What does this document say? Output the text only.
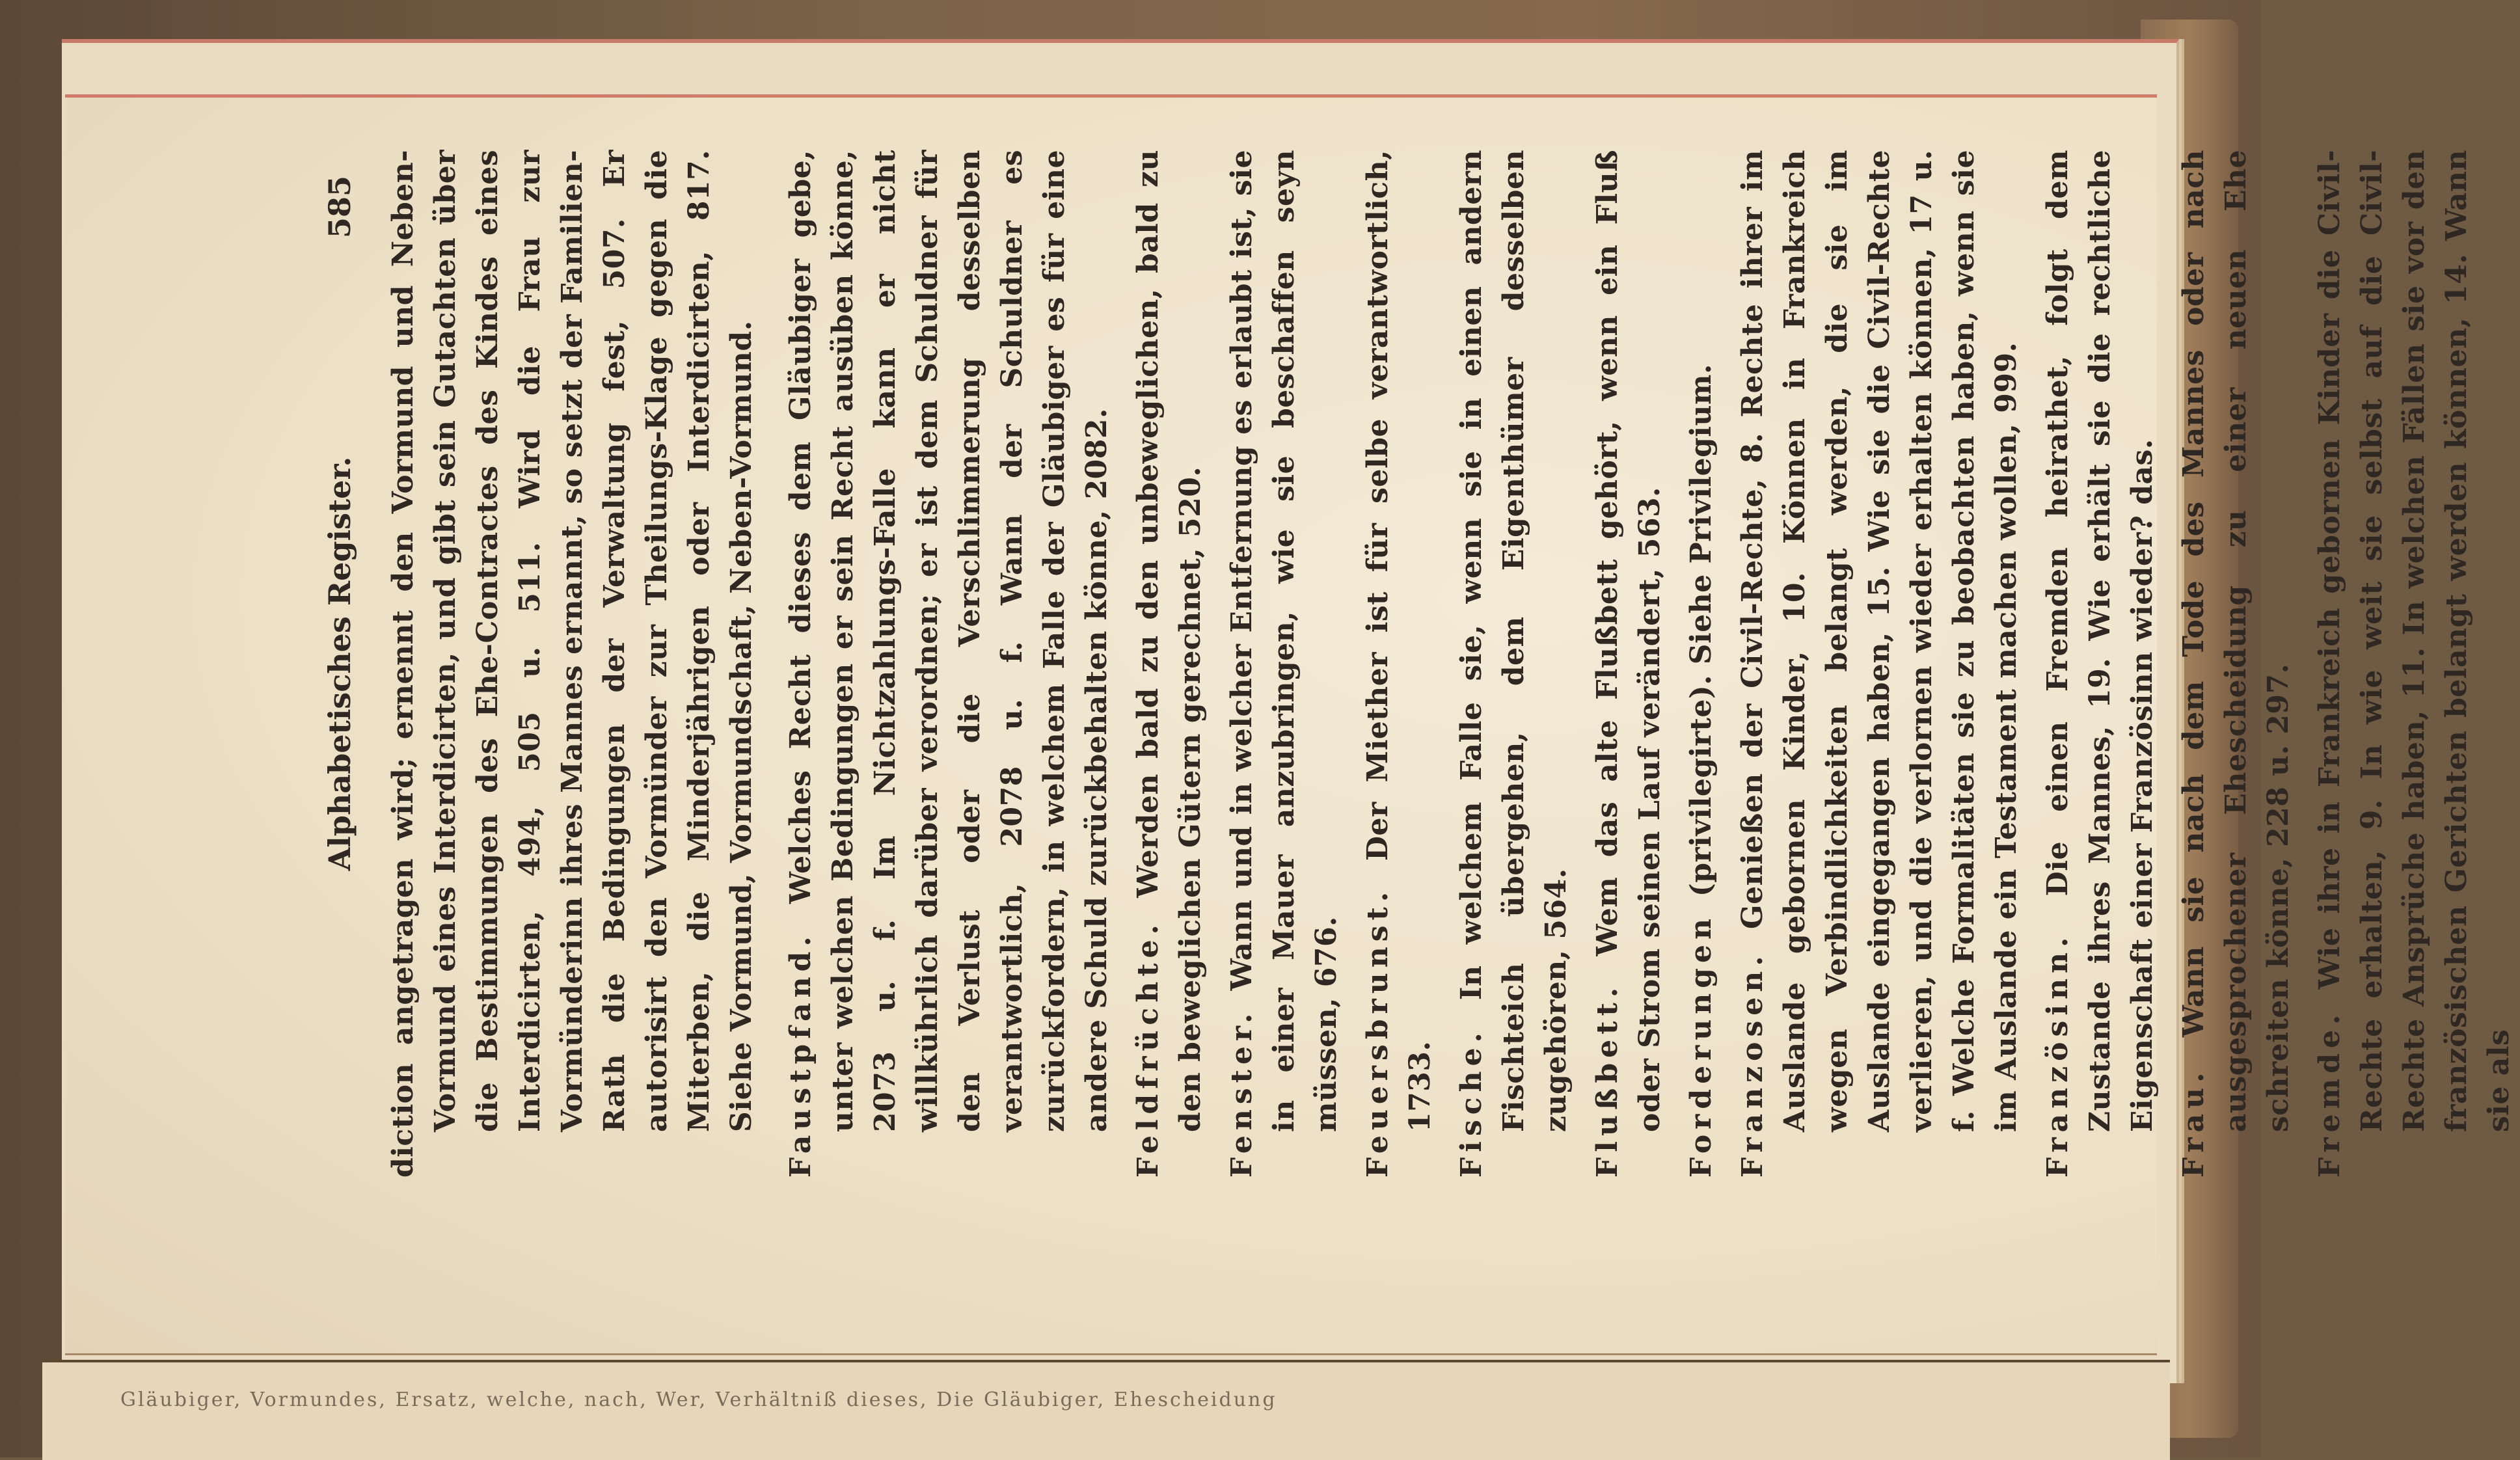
Alphabetisches Register.
585 diction angetragen wird; ernennt den Vormund und Neben-Vormund eines Interdicirten, und gibt sein Gutachten über die Bestimmungen des Ehe-Contractes des Kindes eines Interdicirten, 494, 505 u. 511. Wird die Frau zur Vormünderinn ihres Mannes ernannt, so setzt der Familien-Rath die Bedingungen der Verwaltung fest, 507. Er autorisirt den Vormünder zur Theilungs-Klage gegen die Miterben, die Minderjährigen oder Interdicirten, 817. Siehe Vormund, Vormundschaft, Neben-Vormund. Faustpfand. Welches Recht dieses dem Gläubiger gebe, unter welchen Bedingungen er sein Recht ausüben könne, 2073 u. f. Im Nichtzahlungs-Falle kann er nicht willkührlich darüber verordnen; er ist dem Schuldner für den Verlust oder die Verschlimmerung desselben verantwortlich, 2078 u. f. Wann der Schuldner es zurückfordern, in welchem Falle der Gläubiger es für eine andere Schuld zurückbehalten könne, 2082. Feldfrüchte. Werden bald zu den unbeweglichen, bald zu den beweglichen Gütern gerechnet, 520. Fenster. Wann und in welcher Entfernung es erlaubt ist, sie in einer Mauer anzubringen, wie sie beschaffen seyn müssen, 676. Feuersbrunst. Der Miether ist für selbe verantwortlich, 1733. Fische. In welchem Falle sie, wenn sie in einen andern Fischteich übergehen, dem Eigenthümer desselben zugehören, 564. Flußbett. Wem das alte Flußbett gehört, wenn ein Fluß oder Strom seinen Lauf verändert, 563. Forderungen (privilegirte). Siehe Privilegium.
Franzosen. Genießen der Civil-Rechte, 8. Rechte ihrer im Auslande gebornen Kinder, 10. Können in Frankreich wegen Verbindlichkeiten belangt werden, die sie im Auslande eingegangen haben, 15. Wie sie die Civil-Rechte verlieren, und die verlornen wieder erhalten können, 17 u. f. Welche Formalitäten sie zu beobachten haben, wenn sie im Auslande ein Testament machen wollen, 999. Französinn. Die einen Fremden heirathet, folgt dem Zustande ihres Mannes, 19. Wie erhält sie die rechtliche Eigenschaft einer Französinn wieder? das. Frau. Wann sie nach dem Tode des Mannes oder nach ausgesprochener Ehescheidung zu einer neuen Ehe schreiten könne, 228 u. 297. Fremde. Wie ihre in Frankreich gebornen Kinder die Civil-Rechte erhalten, 9. In wie weit sie selbst auf die Civil-Rechte Ansprüche haben, 11. In welchen Fällen sie vor den französischen Gerichten belangt werden können, 14. Wann sie als
Gläubiger, Vormundes, Ersatz, welche, nach, Wer, Verhältniß dieses, Die Gläubiger, Ehescheidung
